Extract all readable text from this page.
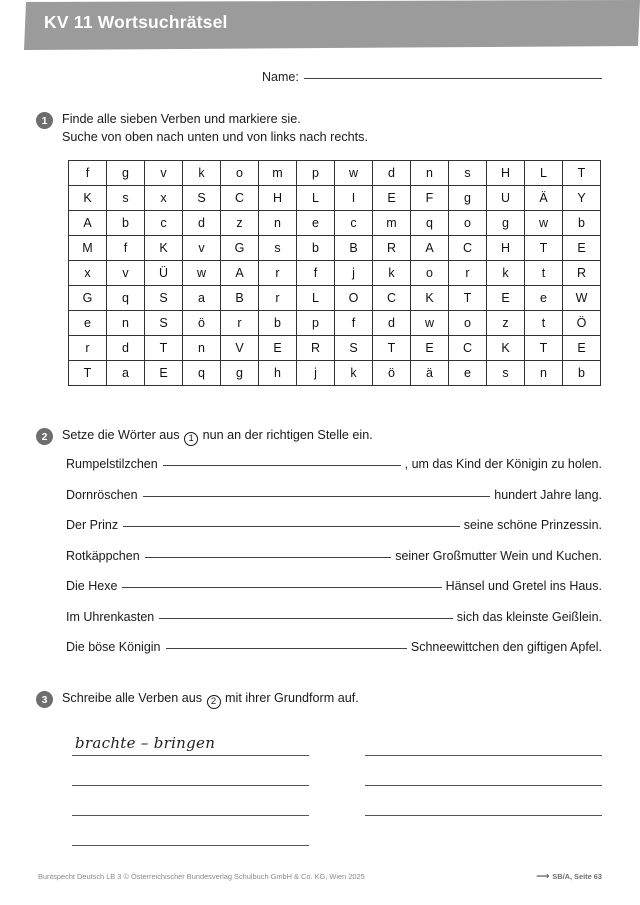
KV 11 Wortsuchrätsel
Name:
1	Finde alle sieben Verben und markiere sie.
Suche von oben nach unten und von links nach rechts.
f	g	v	k	o	m	p	w	d	n	s	H	L	T
K	s	x	S	C	H	L	I	E	F	g	U	Ä	Y
A	b	c	d	z	n	e	c	m	q	o	g	w	b
M	f	K	v	G	s	b	B	R	A	C	H	T	E
x	v	Ü	w	A	r	f	j	k	o	r	k	t	R
G	q	S	a	B	r	L	O	C	K	T	E	e	W
e	n	S	ö	r	b	p	f	d	w	o	z	t	Ö
r	d	T	n	V	E	R	S	T	E	C	K	T	E
T	a	E	q	g	h	j	k	ö	ä	e	s	n	b
2	Setze die Wörter aus 1 nun an der richtigen Stelle ein.
Rumpelstilzchen	, um das Kind der Königin zu holen.
Dornröschen	hundert Jahre lang.
Der Prinz	seine schöne Prinzessin.
Rotkäppchen	seiner Großmutter Wein und Kuchen.
Die Hexe	Hänsel und Gretel ins Haus.
Im Uhrenkasten	sich das kleinste Geißlein.
Die böse Königin	Schneewittchen den giftigen Apfel.
3	Schreibe alle Verben aus 2 mit ihrer Grundform auf.
brachte – bringen
Buntspecht Deutsch LB 3 © Österreichischer Bundesverlag Schulbuch GmbH & Co. KG, Wien 2025	⟶ SB/A, Seite 63
